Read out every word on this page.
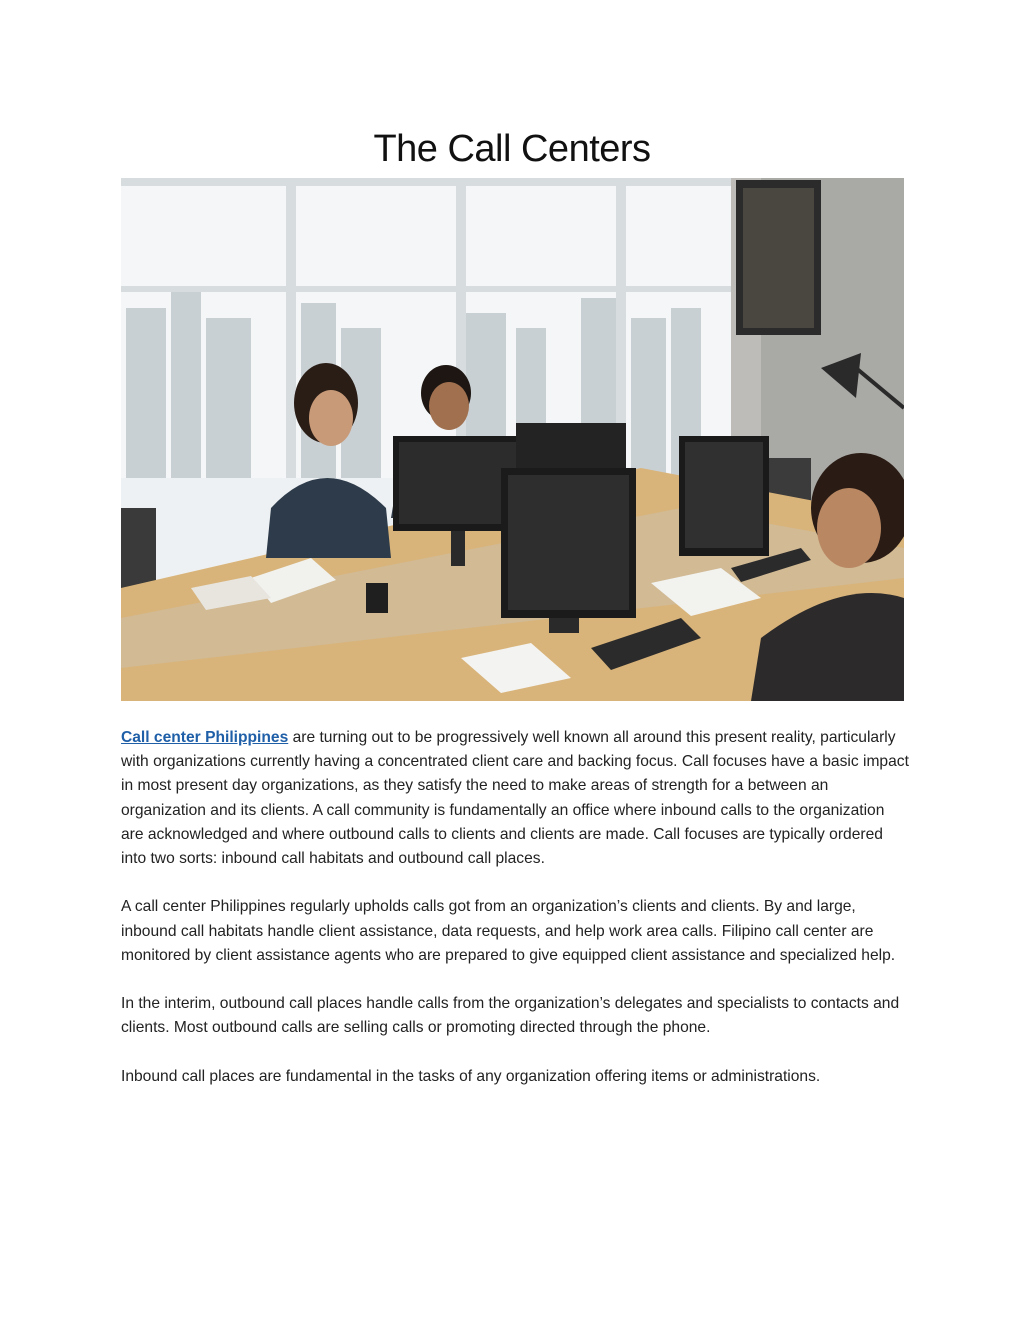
The Call Centers

Call center Philippines are turning out to be progressively well known all around this present reality, particularly with organizations currently having a concentrated client care and backing focus. Call focuses have a basic impact in most present day organizations, as they satisfy the need to make areas of strength for a between an organization and its clients. A call community is fundamentally an office where inbound calls to the organization are acknowledged and where outbound calls to clients and clients are made. Call focuses are typically ordered into two sorts: inbound call habitats and outbound call places.

A call center Philippines regularly upholds calls got from an organization’s clients and clients. By and large, inbound call habitats handle client assistance, data requests, and help work area calls. Filipino call center are monitored by client assistance agents who are prepared to give equipped client assistance and specialized help.

In the interim, outbound call places handle calls from the organization’s delegates and specialists to contacts and clients. Most outbound calls are selling calls or promoting directed through the phone.

Inbound call places are fundamental in the tasks of any organization offering items or administrations.
